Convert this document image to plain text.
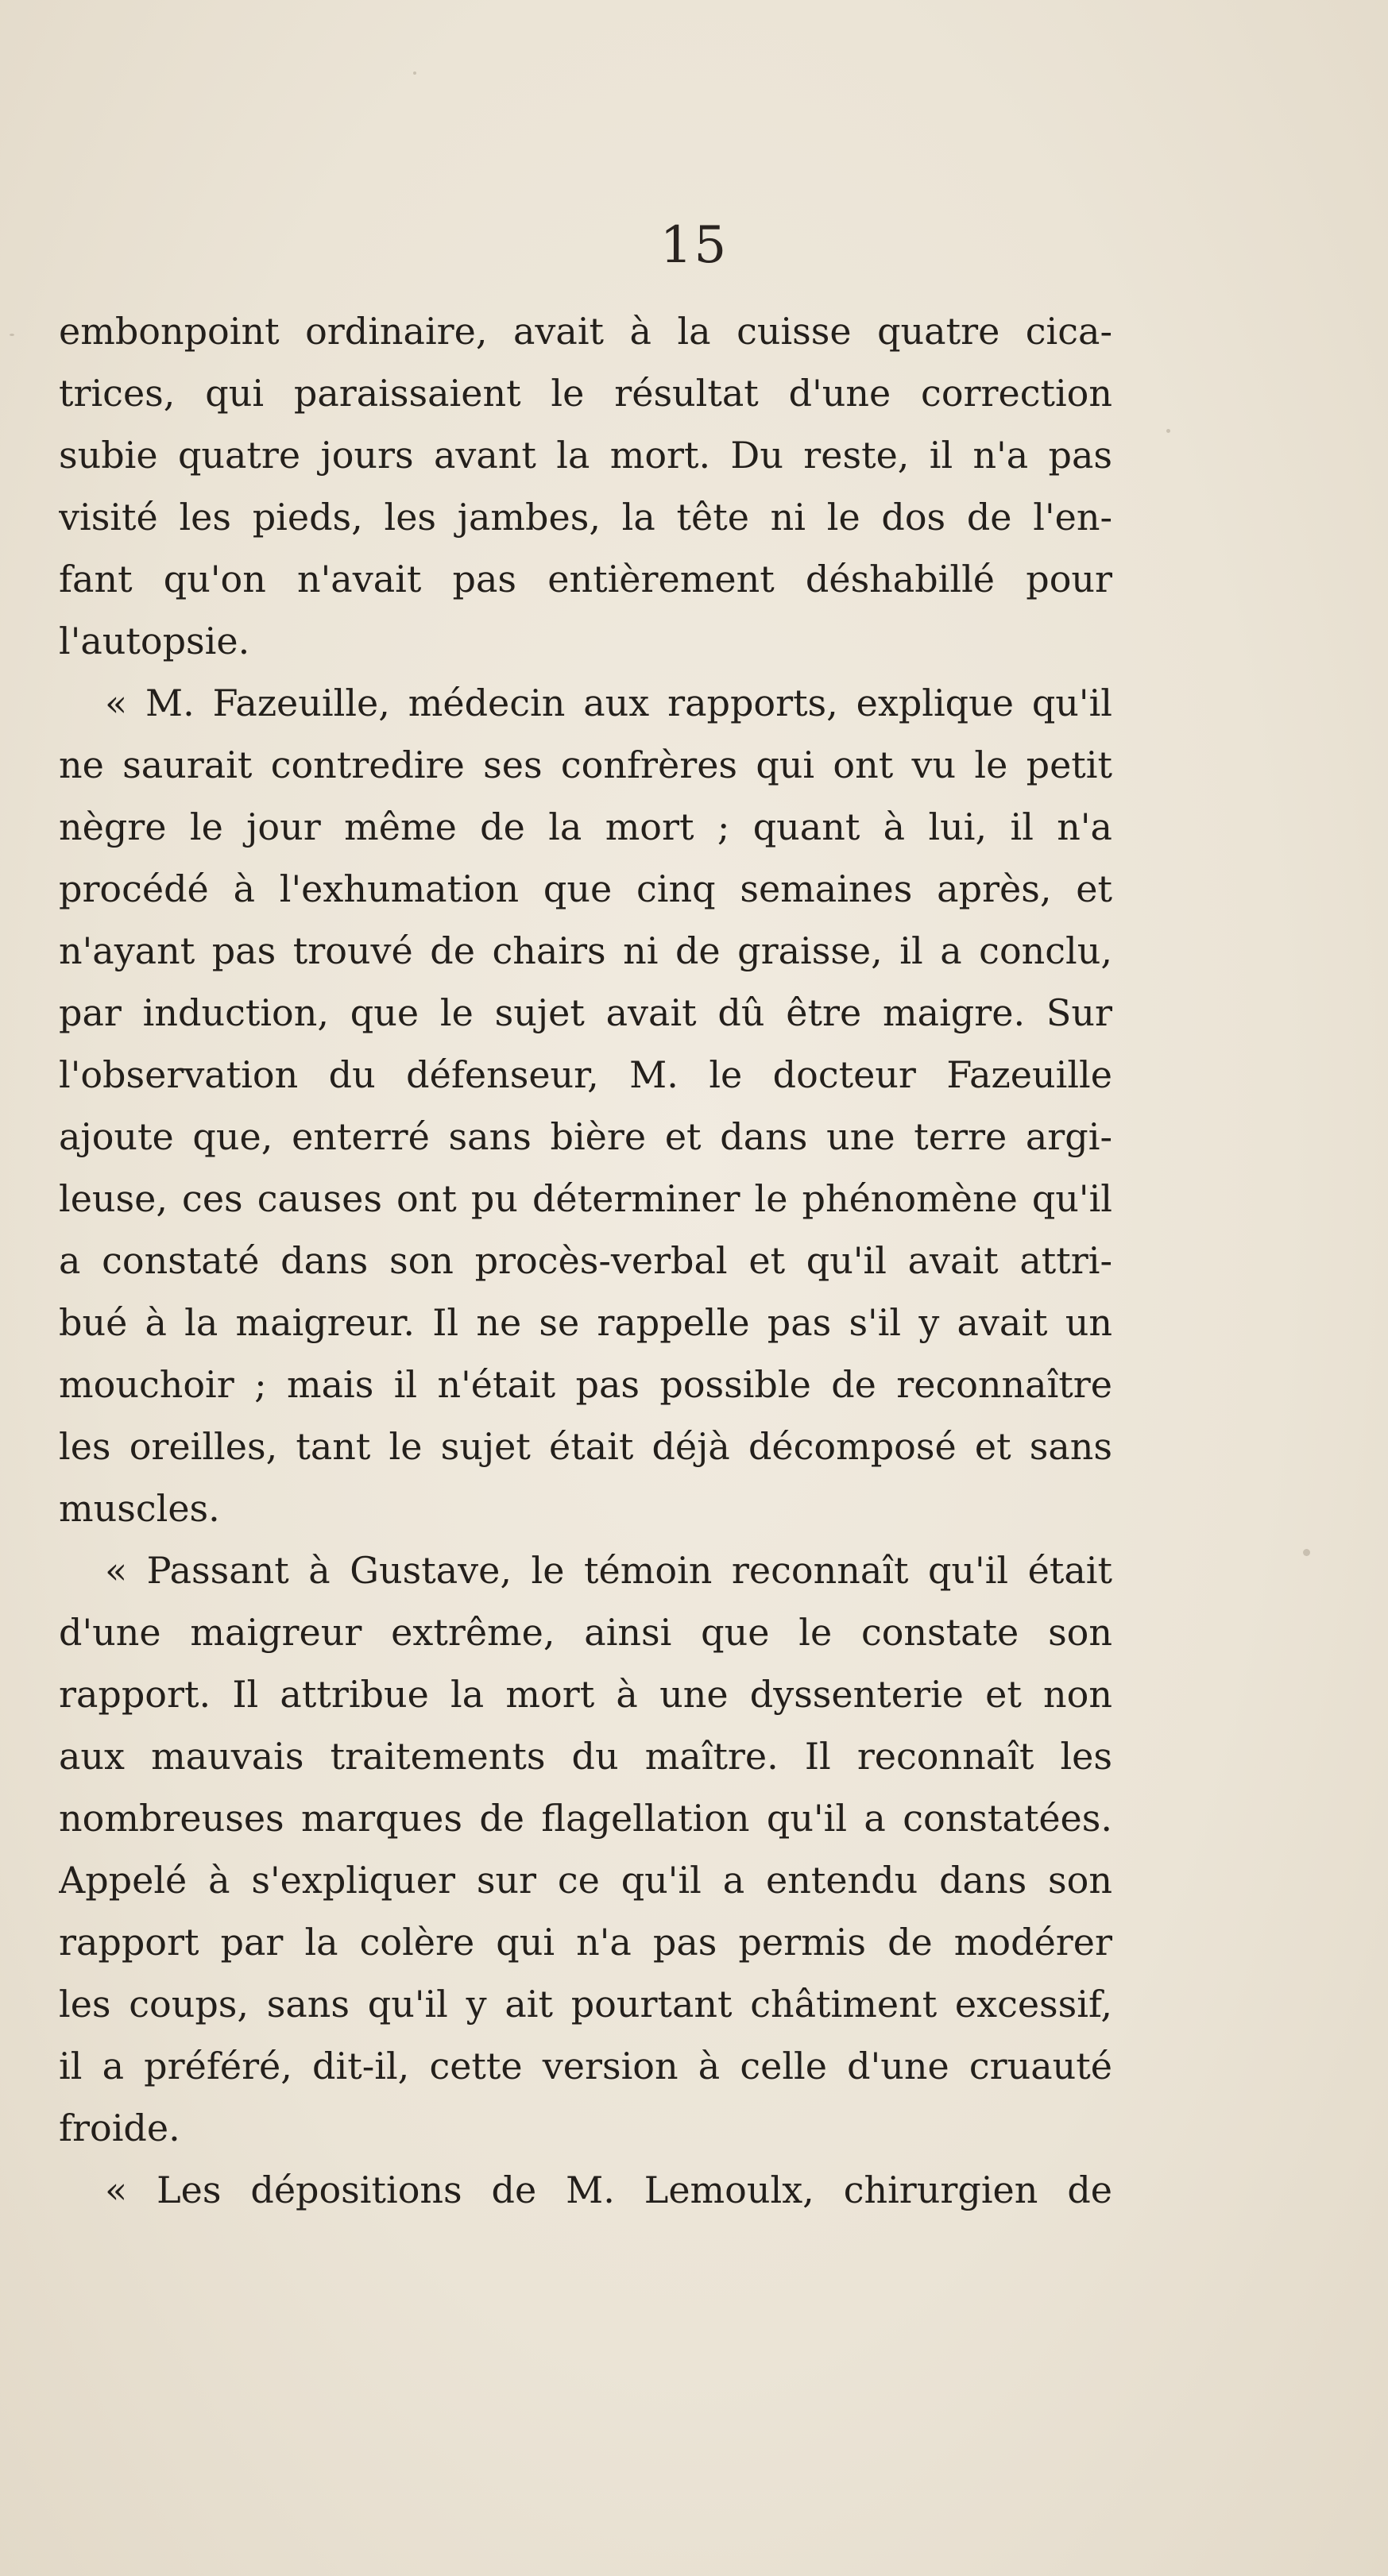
15
embonpoint ordinaire, avait à la cuisse quatre cica-
trices, qui paraissaient le résultat d'une correction
subie quatre jours avant la mort. Du reste, il n'a pas
visité les pieds, les jambes, la tête ni le dos de l'en-
fant qu'on n'avait pas entièrement déshabillé pour
l'autopsie.
« M. Fazeuille, médecin aux rapports, explique qu'il
ne saurait contredire ses confrères qui ont vu le petit
nègre le jour même de la mort ; quant à lui, il n'a
procédé à l'exhumation que cinq semaines après, et
n'ayant pas trouvé de chairs ni de graisse, il a conclu,
par induction, que le sujet avait dû être maigre. Sur
l'observation du défenseur, M. le docteur Fazeuille
ajoute que, enterré sans bière et dans une terre argi-
leuse, ces causes ont pu déterminer le phénomène qu'il
a constaté dans son procès-verbal et qu'il avait attri-
bué à la maigreur. Il ne se rappelle pas s'il y avait un
mouchoir ; mais il n'était pas possible de reconnaître
les oreilles, tant le sujet était déjà décomposé et sans
muscles.
« Passant à Gustave, le témoin reconnaît qu'il était
d'une maigreur extrême, ainsi que le constate son
rapport. Il attribue la mort à une dyssenterie et non
aux mauvais traitements du maître. Il reconnaît les
nombreuses marques de flagellation qu'il a constatées.
Appelé à s'expliquer sur ce qu'il a entendu dans son
rapport par la colère qui n'a pas permis de modérer
les coups, sans qu'il y ait pourtant châtiment excessif,
il a préféré, dit-il, cette version à celle d'une cruauté
froide.
« Les dépositions de M. Lemoulx, chirurgien de
